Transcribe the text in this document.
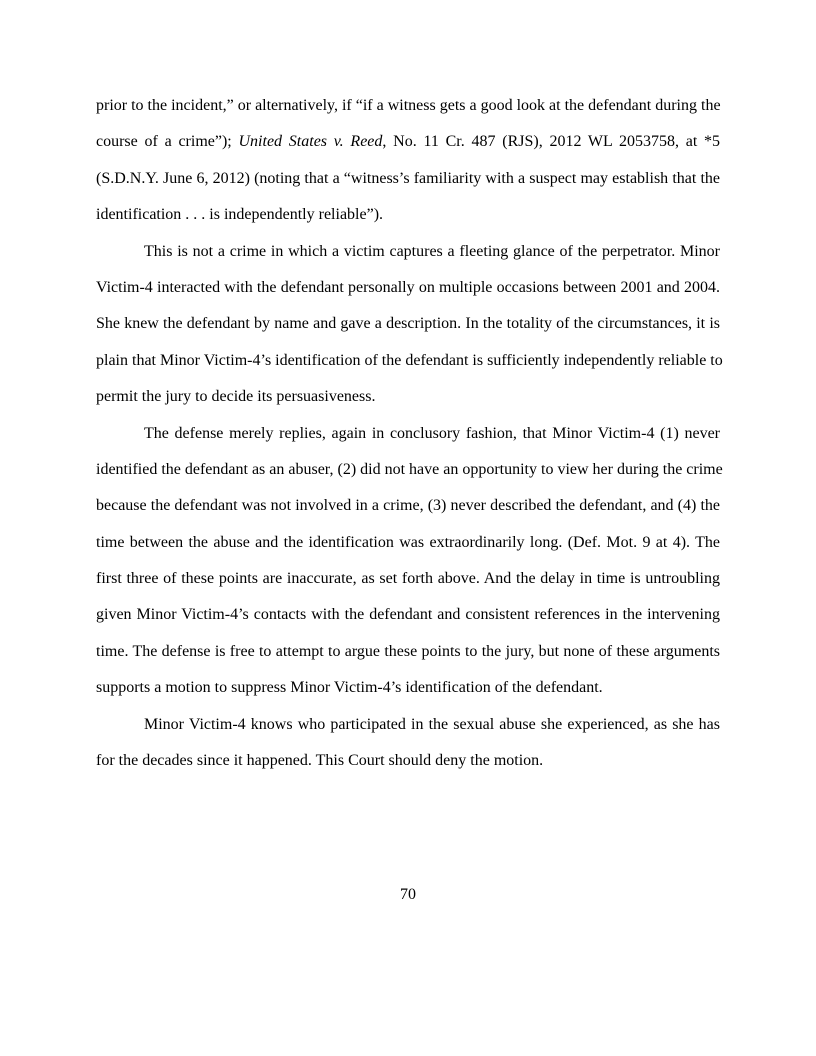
prior to the incident,” or alternatively, if “if a witness gets a good look at the defendant during the
course of a crime”); United States v. Reed, No. 11 Cr. 487 (RJS), 2012 WL 2053758, at *5
(S.D.N.Y. June 6, 2012) (noting that a “witness’s familiarity with a suspect may establish that the
identification . . . is independently reliable”).
This is not a crime in which a victim captures a fleeting glance of the perpetrator. Minor
Victim-4 interacted with the defendant personally on multiple occasions between 2001 and 2004.
She knew the defendant by name and gave a description. In the totality of the circumstances, it is
plain that Minor Victim-4’s identification of the defendant is sufficiently independently reliable to
permit the jury to decide its persuasiveness.
The defense merely replies, again in conclusory fashion, that Minor Victim-4 (1) never
identified the defendant as an abuser, (2) did not have an opportunity to view her during the crime
because the defendant was not involved in a crime, (3) never described the defendant, and (4) the
time between the abuse and the identification was extraordinarily long. (Def. Mot. 9 at 4). The
first three of these points are inaccurate, as set forth above. And the delay in time is untroubling
given Minor Victim-4’s contacts with the defendant and consistent references in the intervening
time. The defense is free to attempt to argue these points to the jury, but none of these arguments
supports a motion to suppress Minor Victim-4’s identification of the defendant.
Minor Victim-4 knows who participated in the sexual abuse she experienced, as she has
for the decades since it happened. This Court should deny the motion.
70
